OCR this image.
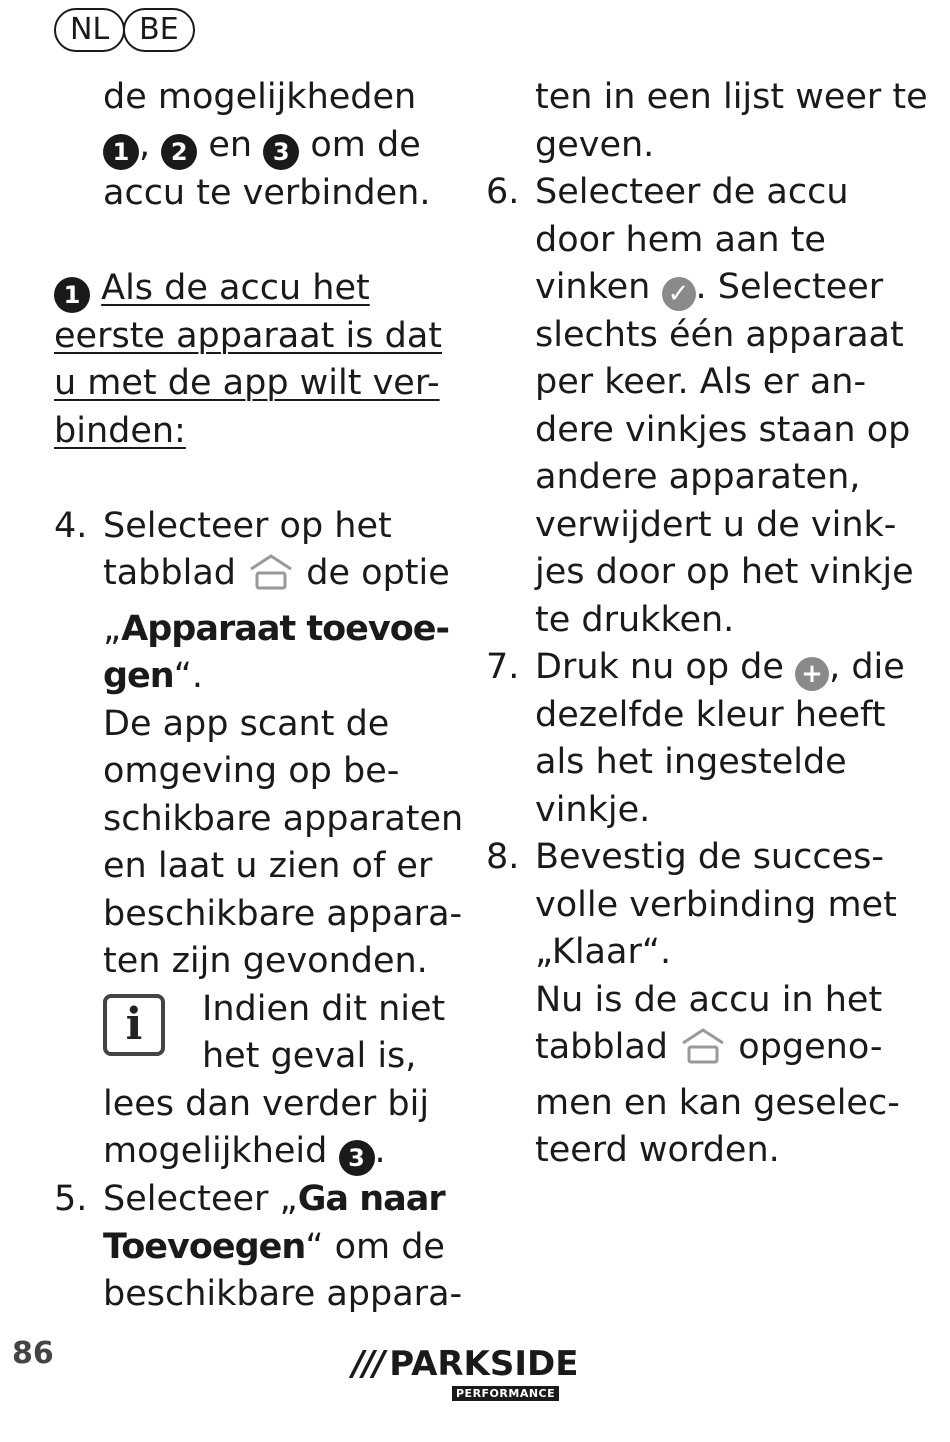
NL	BE
de mogelijkheden
1 , 2 en 3 om de
accu te verbinden.
1 Als de accu het
eerste apparaat is dat
u met de app wilt ver-
binden:
4. Selecteer op het
tabblad de optie
„Apparaat toevoe-
gen“.
De app scant de
omgeving op be-
schikbare apparaten
en laat u zien of er
beschikbare appara-
ten zijn gevonden.
i	Indien dit niet
het geval is,
lees dan verder bij
mogelijkheid 3 .
5. Selecteer „Ga naar
Toevoegen“ om de
beschikbare appara-
ten in een lijst weer te
geven.
6. Selecteer de accu
door hem aan te
vinken ✓ . Selecteer
slechts één apparaat
per keer. Als er an-
dere vinkjes staan op
andere apparaten,
verwijdert u de vink-
jes door op het vinkje
te drukken.
7. Druk nu op de + , die
dezelfde kleur heeft
als het ingestelde
vinkje.
8. Bevestig de succes-
volle verbinding met
„Klaar“.
Nu is de accu in het
tabblad opgeno-
men en kan geselec-
teerd worden.
86	/// PARKSIDE
PERFORMANCE
